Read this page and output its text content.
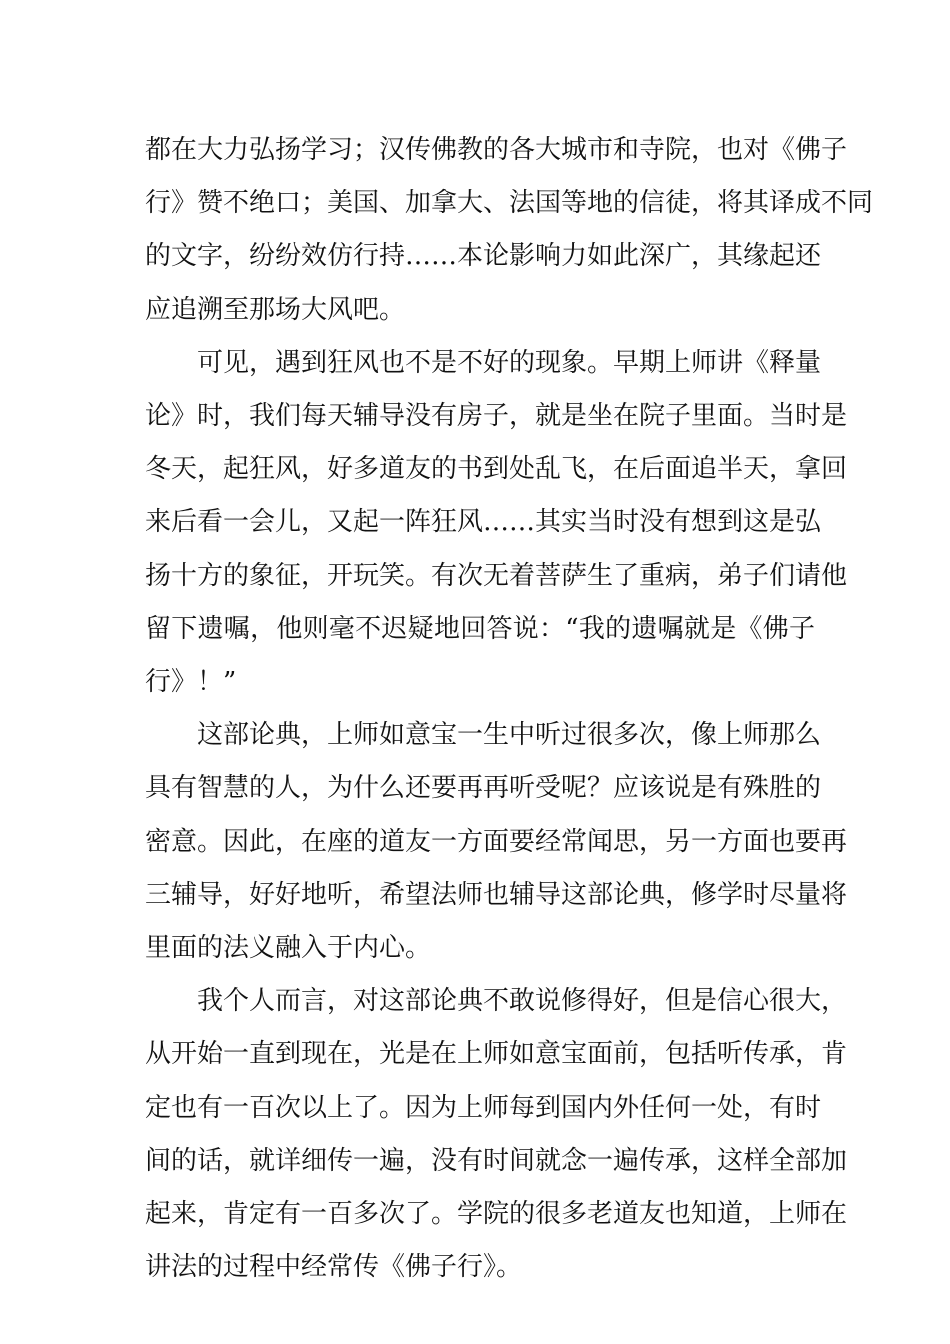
都在大力弘扬学习；汉传佛教的各大城市和寺院，也对《佛子
行》赞不绝口；美国、加拿大、法国等地的信徒，将其译成不同
的文字，纷纷效仿行持……本论影响力如此深广，其缘起还
应追溯至那场大风吧。

可见，遇到狂风也不是不好的现象。早期上师讲《释量
论》时，我们每天辅导没有房子，就是坐在院子里面。当时是
冬天，起狂风，好多道友的书到处乱飞，在后面追半天，拿回
来后看一会儿，又起一阵狂风……其实当时没有想到这是弘
扬十方的象征，开玩笑。有次无着菩萨生了重病，弟子们请他
留下遗嘱，他则毫不迟疑地回答说：“我的遗嘱就是《佛子
行》！”

这部论典，上师如意宝一生中听过很多次，像上师那么
具有智慧的人，为什么还要再再听受呢？应该说是有殊胜的
密意。因此，在座的道友一方面要经常闻思，另一方面也要再
三辅导，好好地听，希望法师也辅导这部论典，修学时尽量将
里面的法义融入于内心。

我个人而言，对这部论典不敢说修得好，但是信心很大，
从开始一直到现在，光是在上师如意宝面前，包括听传承，肯
定也有一百次以上了。因为上师每到国内外任何一处，有时
间的话，就详细传一遍，没有时间就念一遍传承，这样全部加
起来，肯定有一百多次了。学院的很多老道友也知道，上师在
讲法的过程中经常传《佛子行》。
